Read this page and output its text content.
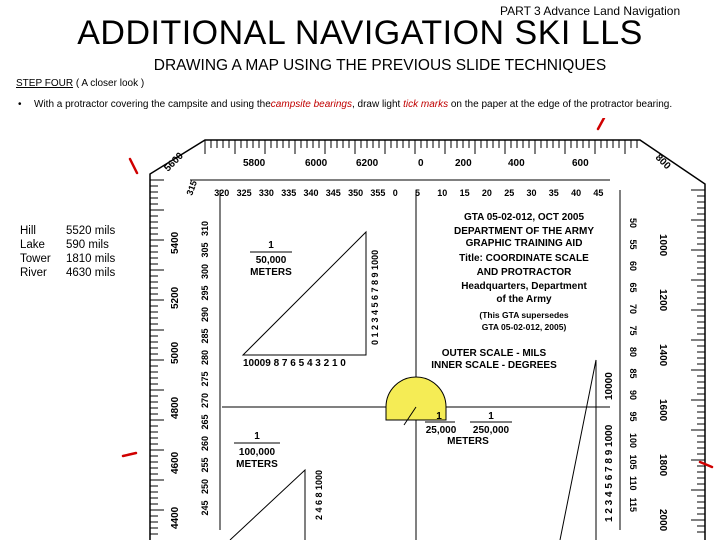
PART 3 Advance Land Navigation
ADDITIONAL NAVIGATION SKI LLS
DRAWING A MAP USING THE PREVIOUS SLIDE TECHNIQUES
STEP FOUR ( A closer look )
• With a protractor covering the campsite and using thecampsite bearings, draw light tick marks on the paper at the edge of the protractor bearing.
Hill	5520 mils
Lake 590 mils
Tower 1810 mils
River 4630 mils
5600	5800	6000	6200	0	200	400	600	800
315 320 325 330 335 340 345 350 355 0 5 10 15 20 25 30 35 40 45
310
305
300
295
290
285
280
275
270
265
260
255
250
245
50
55
60
65
70
75
80
85
90
95
100
105
110
115
5400
5200
5000
4800
4600
4400
1000
1200
1400
1600
1800
2000
GTA 05-02-012, OCT 2005
DEPARTMENT OF THE ARMY
GRAPHIC TRAINING AID
Title: COORDINATE SCALE
AND PROTRACTOR
Headquarters, Department
of the Army
(This GTA supersedes
GTA 05-02-012, 2005)
OUTER SCALE - MILS
INNER SCALE - DEGREES
1
50,000
METERS
10009 8 7 6 5 4 3 2 1 0
0 1 2 3 4 5 6 7 8 9 1000
1
100,000
METERS
2 4 6 8 1000
1
25,000
1
250,000
METERS
10000
1 2 3 4 5 6 7 8 9 1000
